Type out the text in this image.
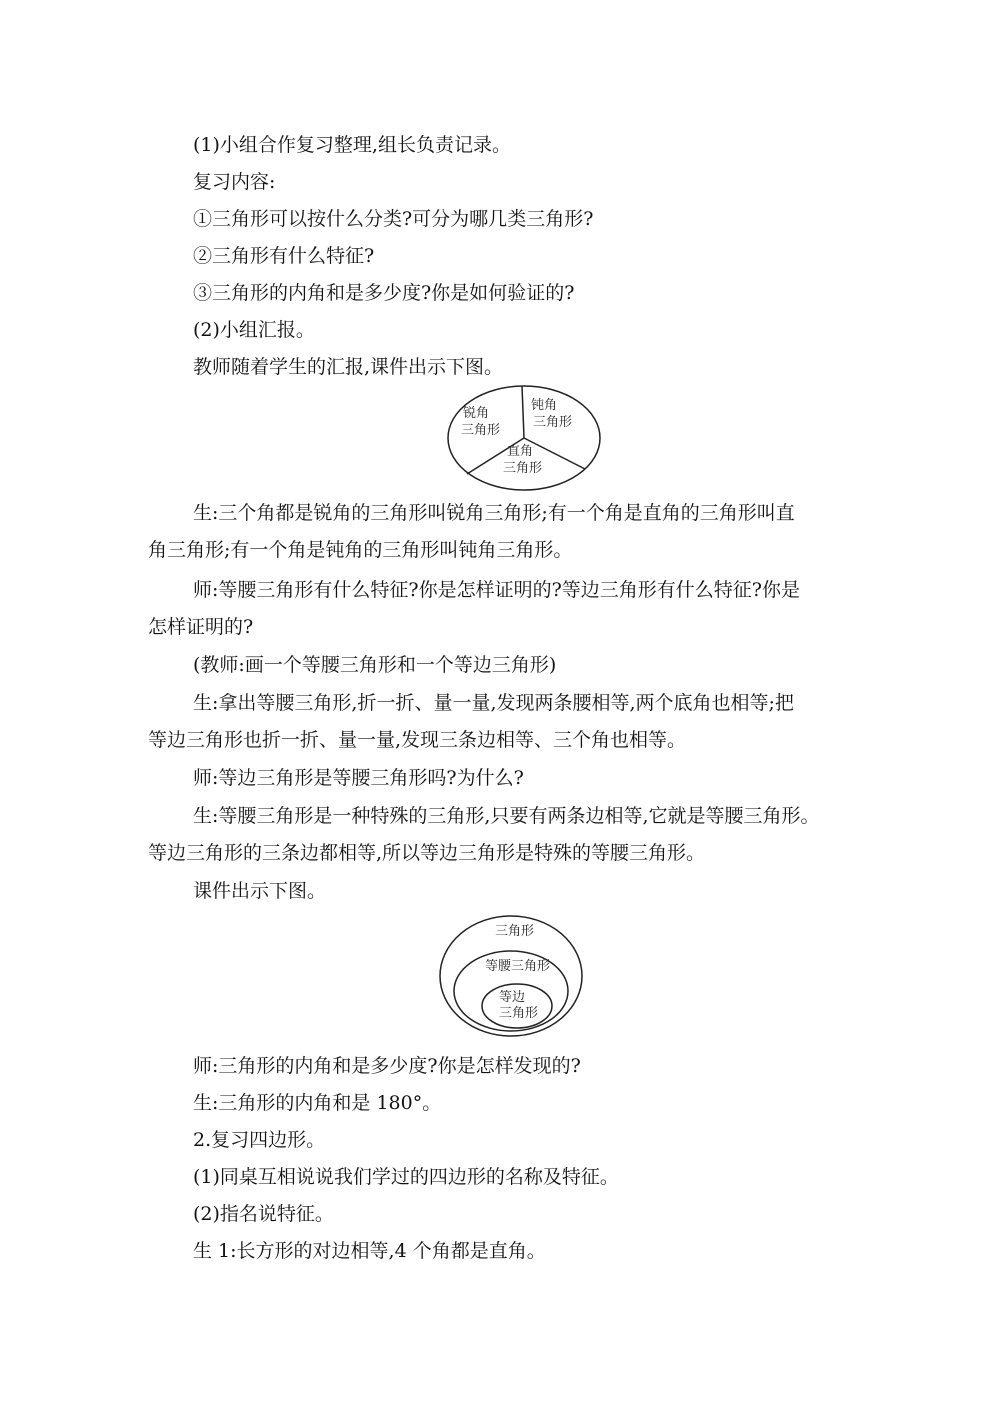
(1)小组合作复习整理,组长负责记录。

复习内容:

①三角形可以按什么分类?可分为哪几类三角形?

②三角形有什么特征?

③三角形的内角和是多少度?你是如何验证的?

(2)小组汇报。

教师随着学生的汇报,课件出示下图。

锐角
三角形
钝角
三角形
直角
三角形

生:三个角都是锐角的三角形叫锐角三角形;有一个角是直角的三角形叫直

角三角形;有一个角是钝角的三角形叫钝角三角形。

师:等腰三角形有什么特征?你是怎样证明的?等边三角形有什么特征?你是

怎样证明的?

(教师:画一个等腰三角形和一个等边三角形)

生:拿出等腰三角形,折一折、量一量,发现两条腰相等,两个底角也相等;把

等边三角形也折一折、量一量,发现三条边相等、三个角也相等。

师:等边三角形是等腰三角形吗?为什么?

生:等腰三角形是一种特殊的三角形,只要有两条边相等,它就是等腰三角形。

等边三角形的三条边都相等,所以等边三角形是特殊的等腰三角形。

课件出示下图。

三角形
等腰三角形
等边
三角形

师:三角形的内角和是多少度?你是怎样发现的?

生:三角形的内角和是 180°。

2.复习四边形。

(1)同桌互相说说我们学过的四边形的名称及特征。

(2)指名说特征。

生 1:长方形的对边相等,4 个角都是直角。
